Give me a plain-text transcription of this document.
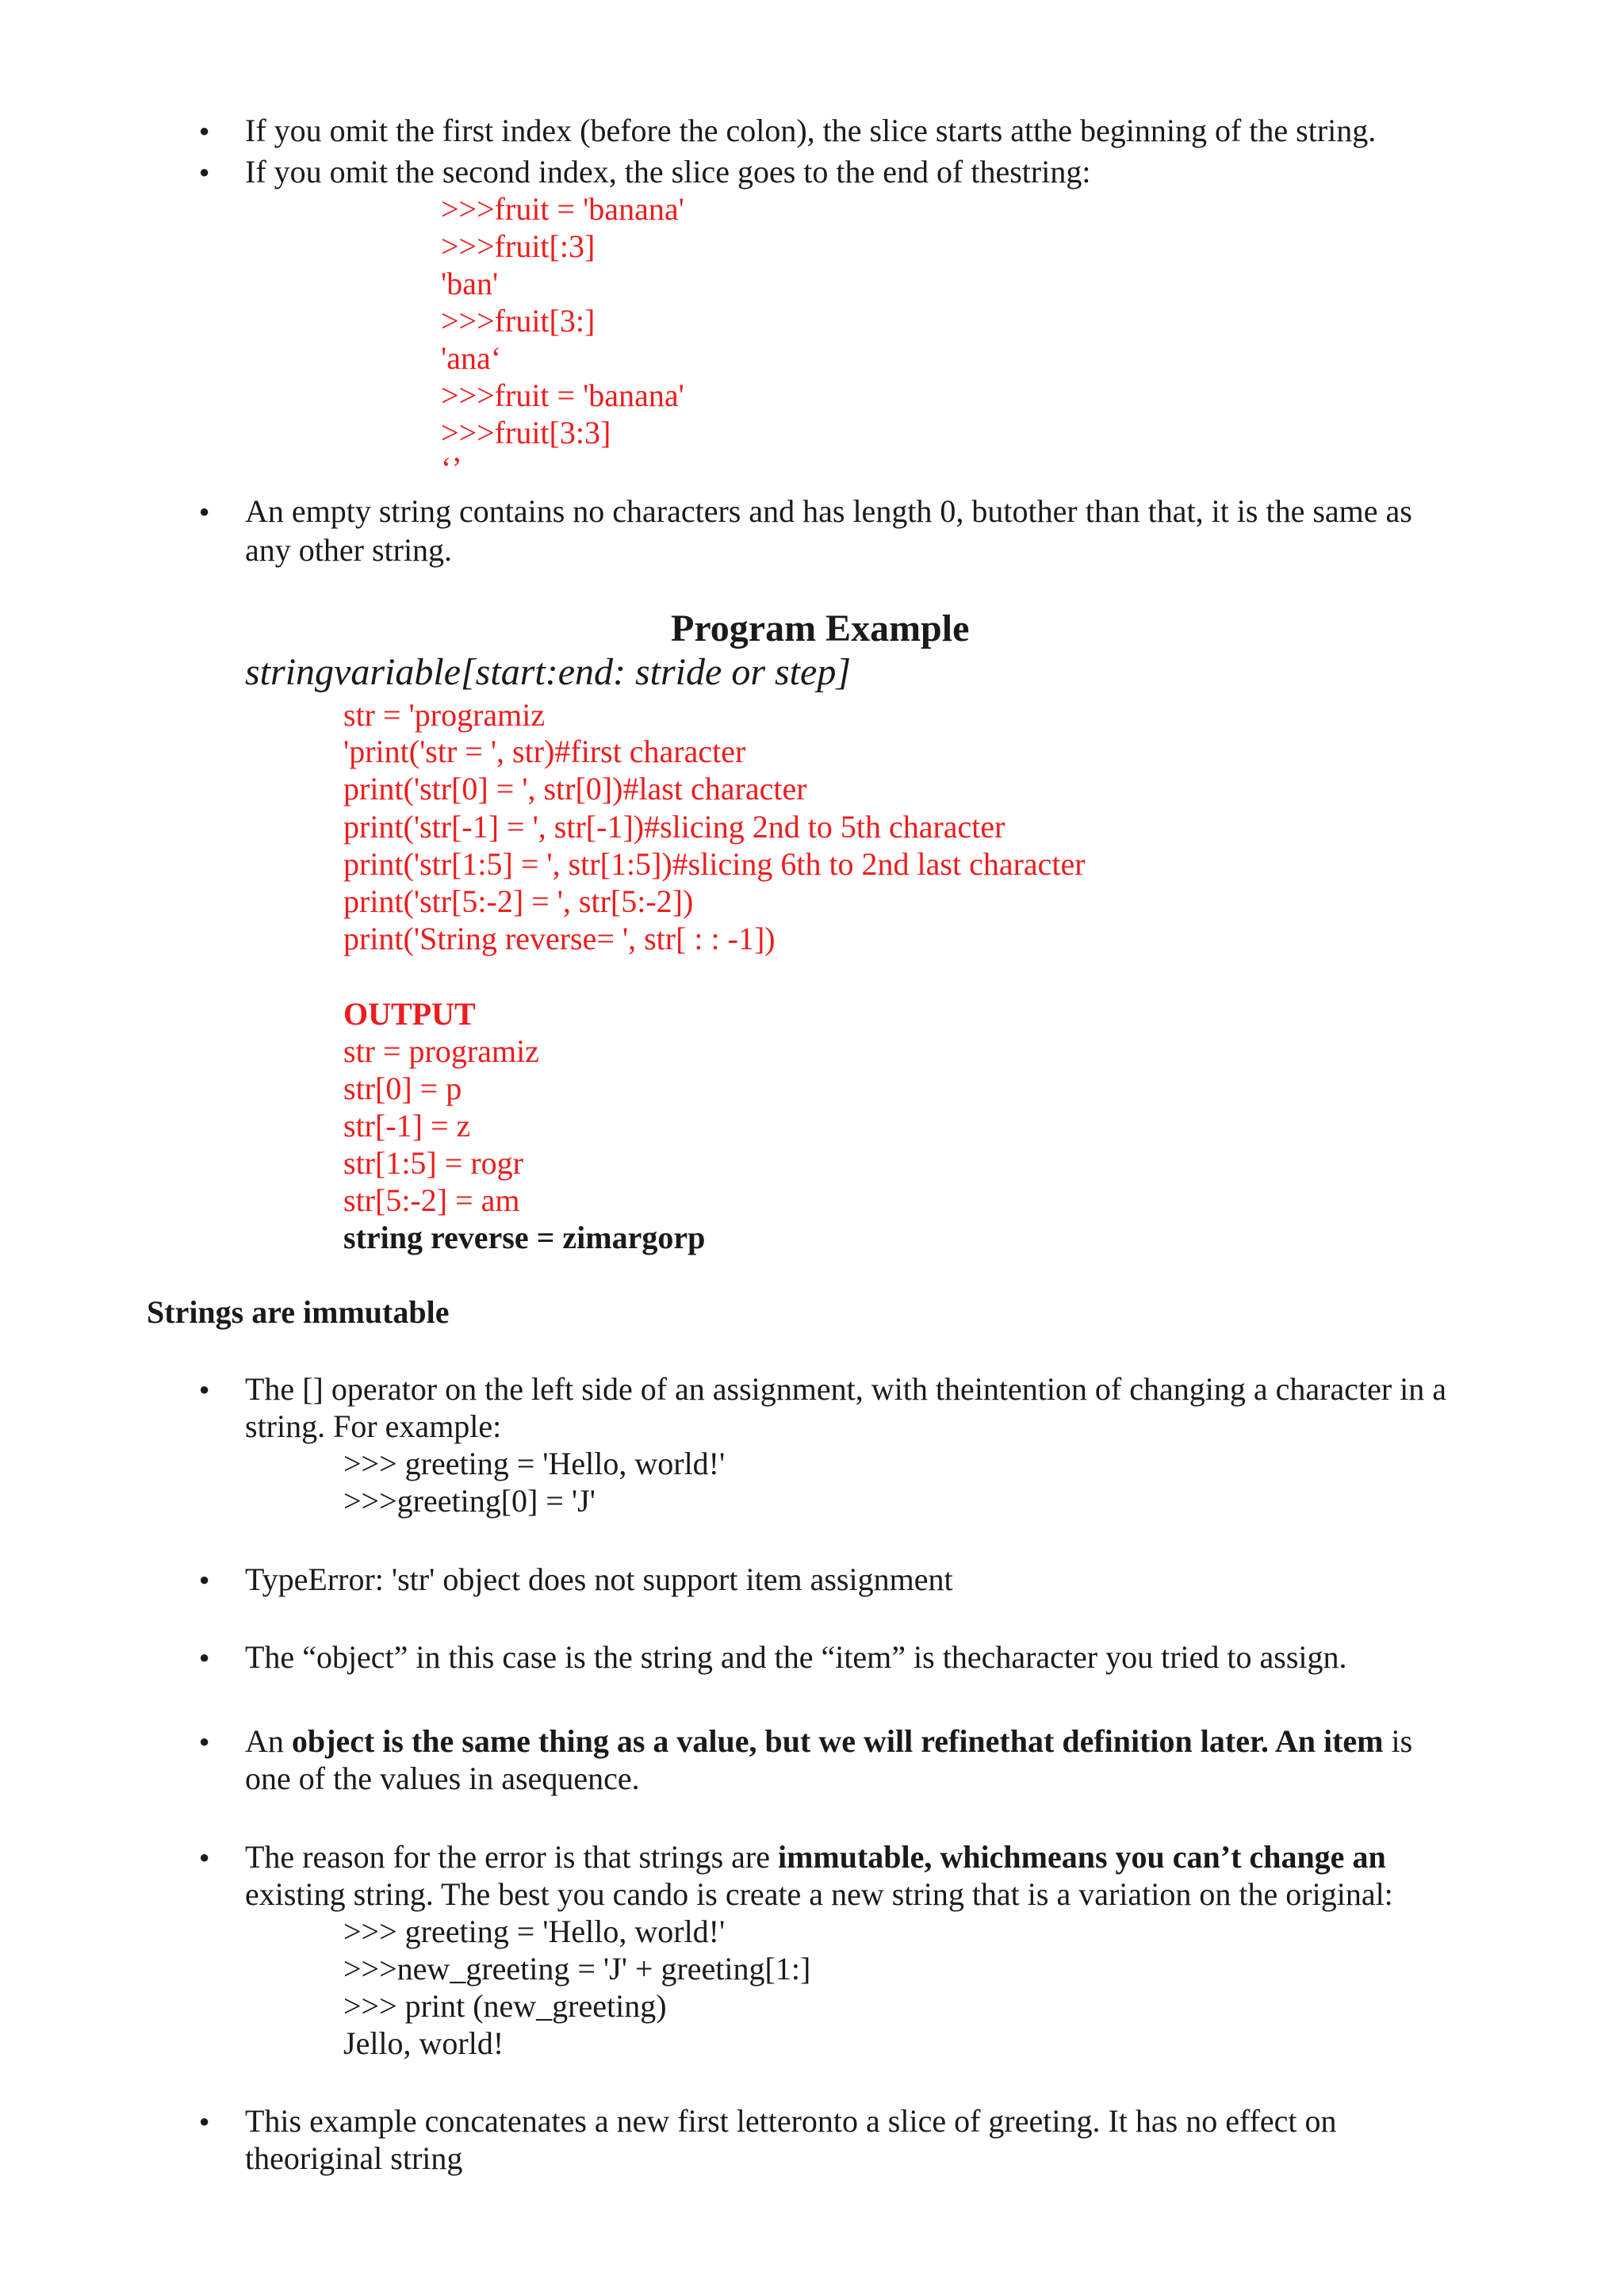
● If you omit the first index (before the colon), the slice starts atthe beginning of the string.
● If you omit the second index, the slice goes to the end of thestring:
>>>fruit = 'banana'
>>>fruit[:3]
'ban'
>>>fruit[3:]
'ana‘
>>>fruit = 'banana'
>>>fruit[3:3]
‘’
● An empty string contains no characters and has length 0, butother than that, it is the same as
any other string.
Program Example
stringvariable[start:end: stride or step]
str = 'programiz
'print('str = ', str)#first character
print('str[0] = ', str[0])#last character
print('str[-1] = ', str[-1])#slicing 2nd to 5th character
print('str[1:5] = ', str[1:5])#slicing 6th to 2nd last character
print('str[5:-2] = ', str[5:-2])
print('String reverse= ', str[ : : -1])
OUTPUT
str = programiz
str[0] = p
str[-1] = z
str[1:5] = rogr
str[5:-2] = am
string reverse = zimargorp
Strings are immutable
● The [] operator on the left side of an assignment, with theintention of changing a character in a
string. For example:
>>> greeting = 'Hello, world!'
>>>greeting[0] = 'J'
● TypeError: 'str' object does not support item assignment
● The “object” in this case is the string and the “item” is thecharacter you tried to assign.
● An object is the same thing as a value, but we will refinethat definition later. An item is
one of the values in asequence.
● The reason for the error is that strings are immutable, whichmeans you can’t change an
existing string. The best you cando is create a new string that is a variation on the original:
>>> greeting = 'Hello, world!'
>>>new_greeting = 'J' + greeting[1:]
>>> print (new_greeting)
Jello, world!
● This example concatenates a new first letteronto a slice of greeting. It has no effect on
theoriginal string
